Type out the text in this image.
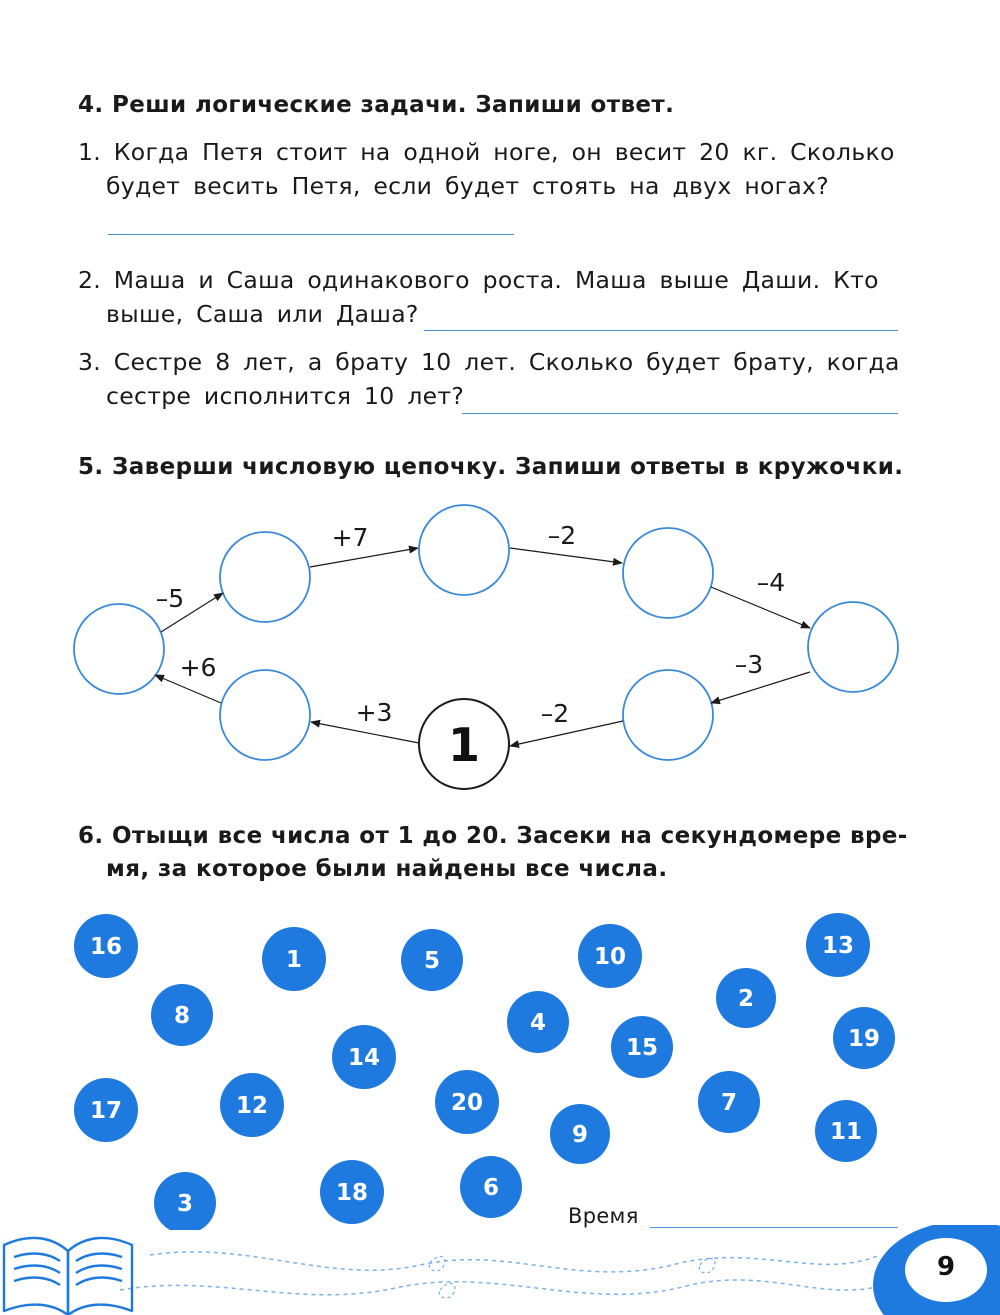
4. Реши логические задачи. Запиши ответ.
1. Когда Петя стоит на одной ноге, он весит 20 кг. Сколько
будет весить Петя, если будет стоять на двух ногах?
2. Маша и Саша одинакового роста. Маша выше Даши. Кто
выше, Саша или Даша?
3. Сестре 8 лет, а брату 10 лет. Сколько будет брату, когда
сестре исполнится 10 лет?
5. Заверши числовую цепочку. Запиши ответы в кружочки.
1
–5
+7	–2
–4
–3
–2
+3
+6
6. Отыщи все числа от 1 до 20. Засеки на секундомере вре-
мя, за которое были найдены все числа.
16	1	5	10	13
8
2
4
14	15	19
17	12	20	7
9	11
3	18	6
Время
9
